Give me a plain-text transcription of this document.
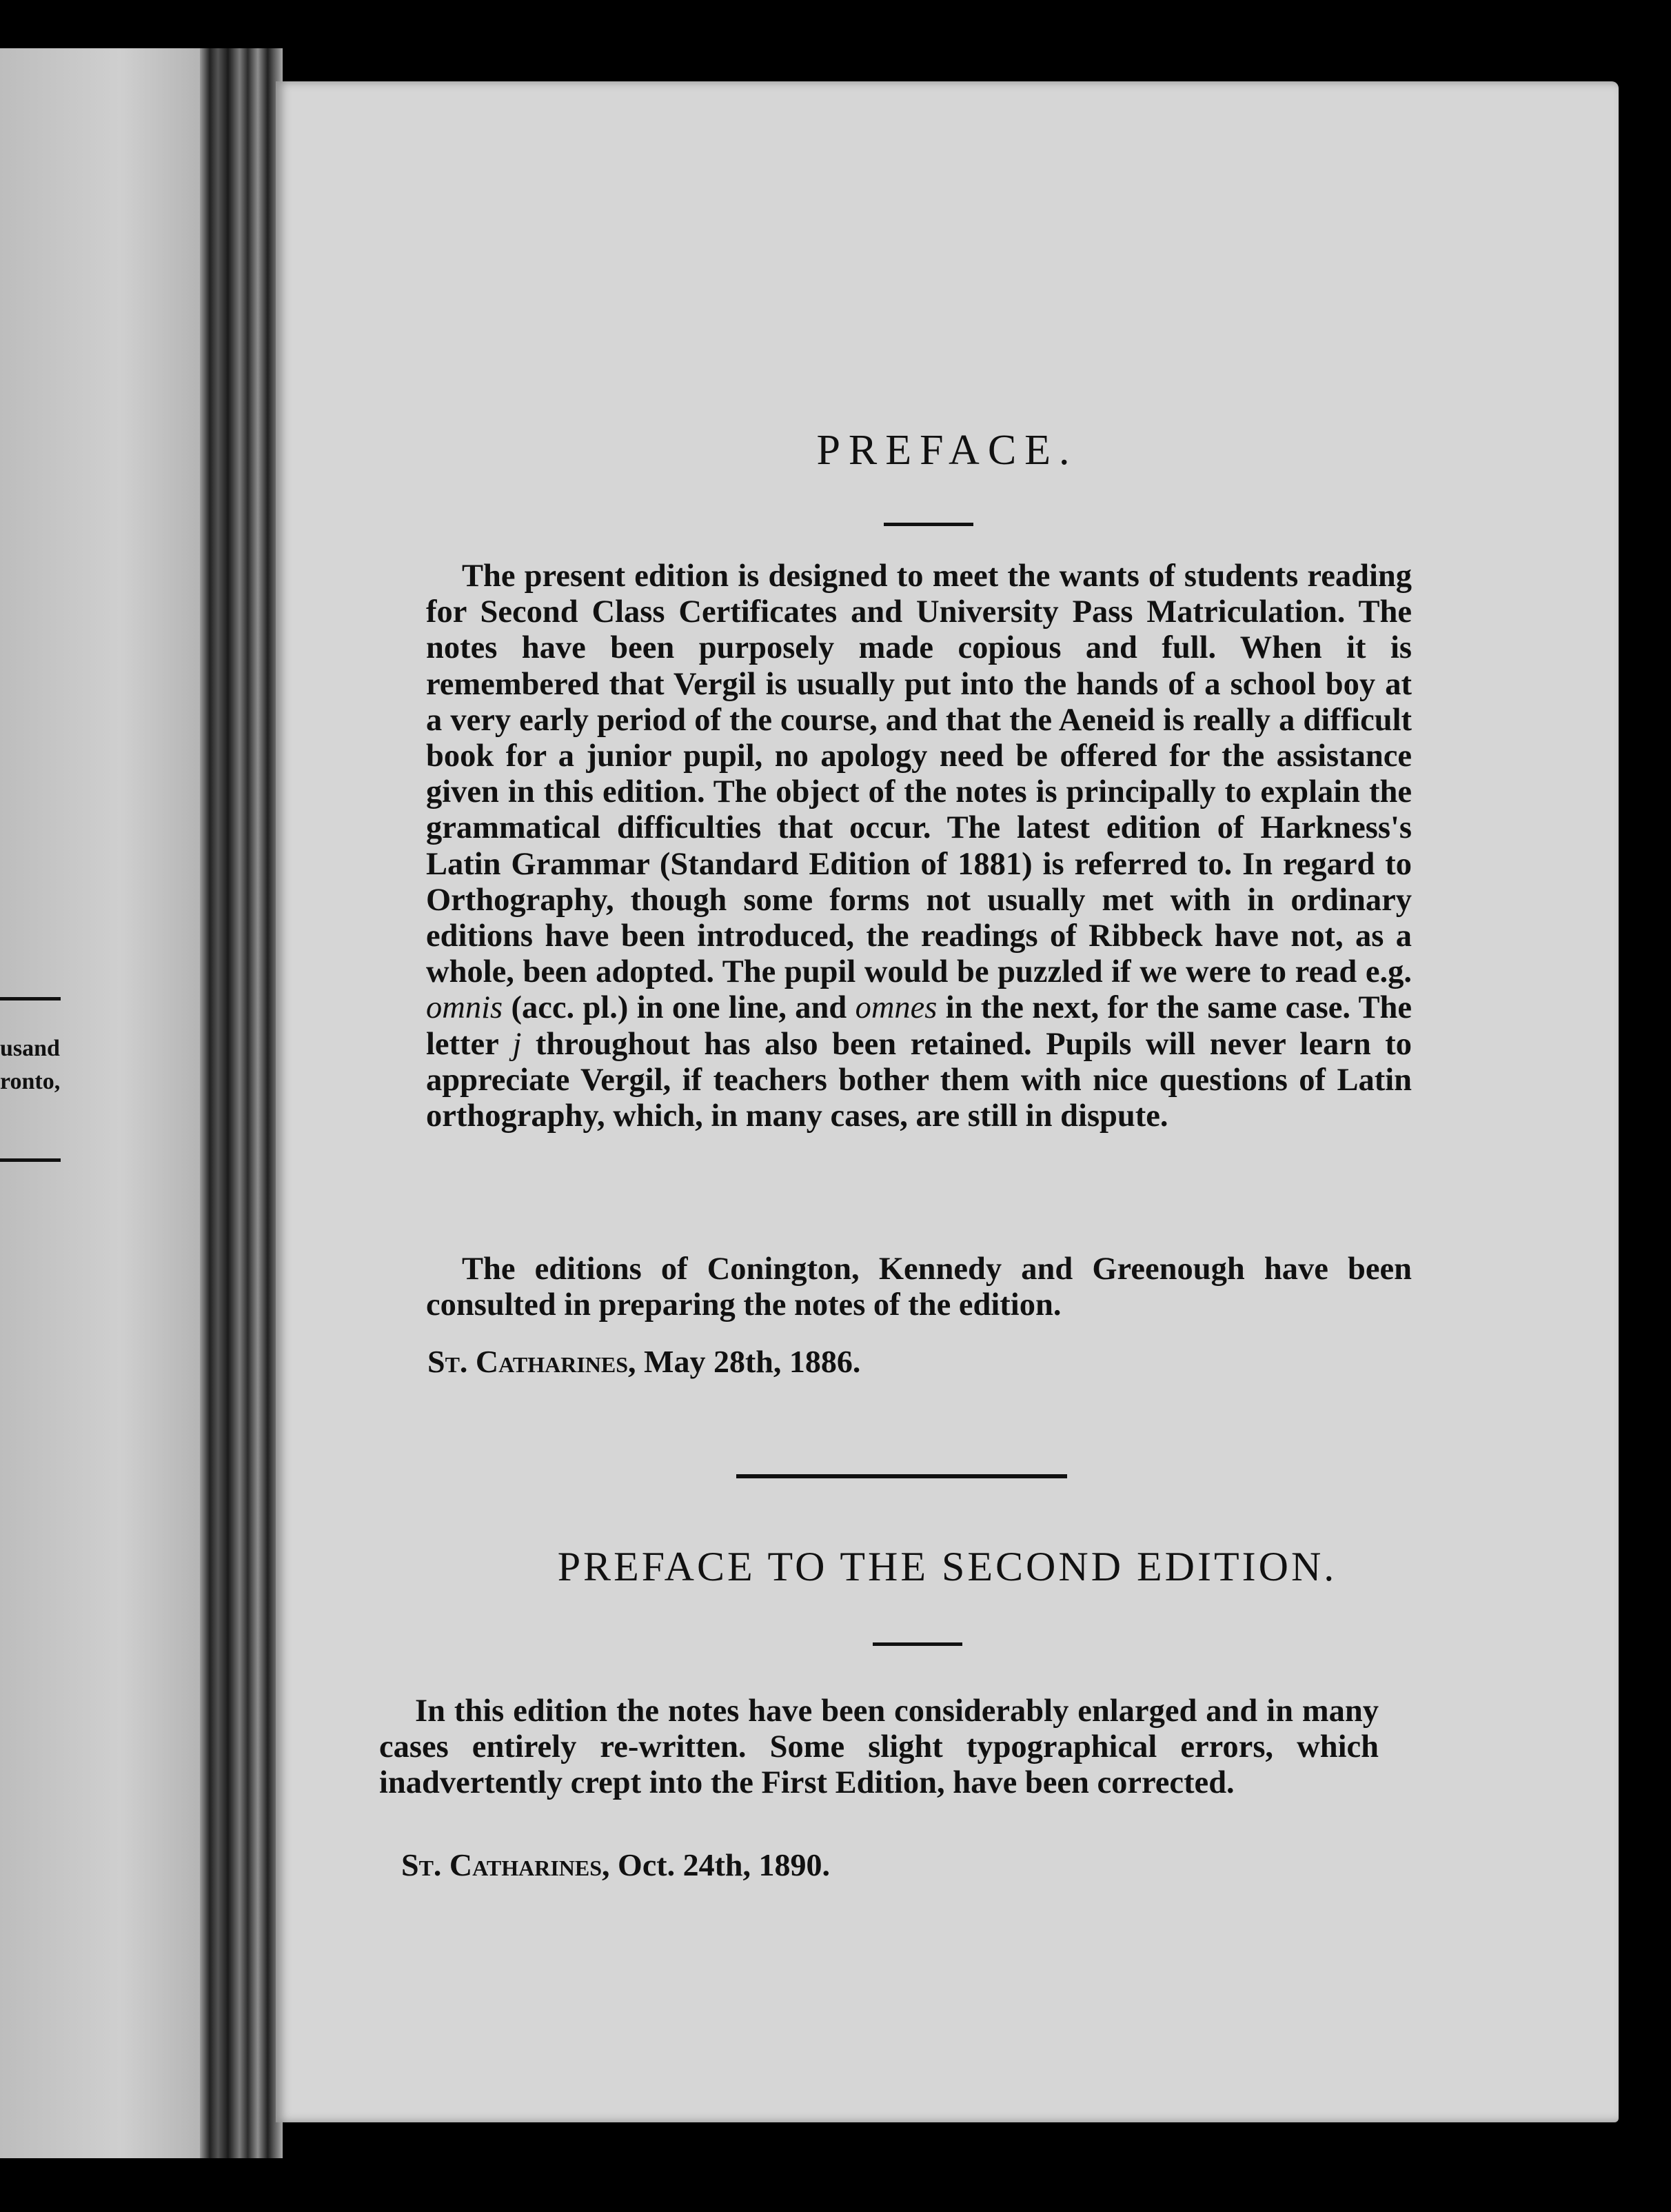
usand
ronto,
PREFACE.
The present edition is designed to meet the wants of students reading for Second Class Certificates and University Pass Matriculation. The notes have been purposely made copious and full. When it is remembered that Vergil is usually put into the hands of a school boy at a very early period of the course, and that the Aeneid is really a difficult book for a junior pupil, no apology need be offered for the assistance given in this edition. The object of the notes is principally to explain the grammatical difficulties that occur. The latest edition of Harkness's Latin Grammar (Standard Edition of 1881) is referred to. In regard to Orthography, though some forms not usually met with in ordinary editions have been introduced, the readings of Ribbeck have not, as a whole, been adopted. The pupil would be puzzled if we were to read e.g. omnis (acc. pl.) in one line, and omnes in the next, for the same case. The letter j throughout has also been retained. Pupils will never learn to appreciate Vergil, if teachers bother them with nice questions of Latin orthography, which, in many cases, are still in dispute.
The editions of Conington, Kennedy and Greenough have been consulted in preparing the notes of the edition.
St. Catharines, May 28th, 1886.
PREFACE TO THE SECOND EDITION.
In this edition the notes have been considerably enlarged and in many cases entirely re-written. Some slight typographical errors, which inadvertently crept into the First Edition, have been corrected.
St. Catharines, Oct. 24th, 1890.
